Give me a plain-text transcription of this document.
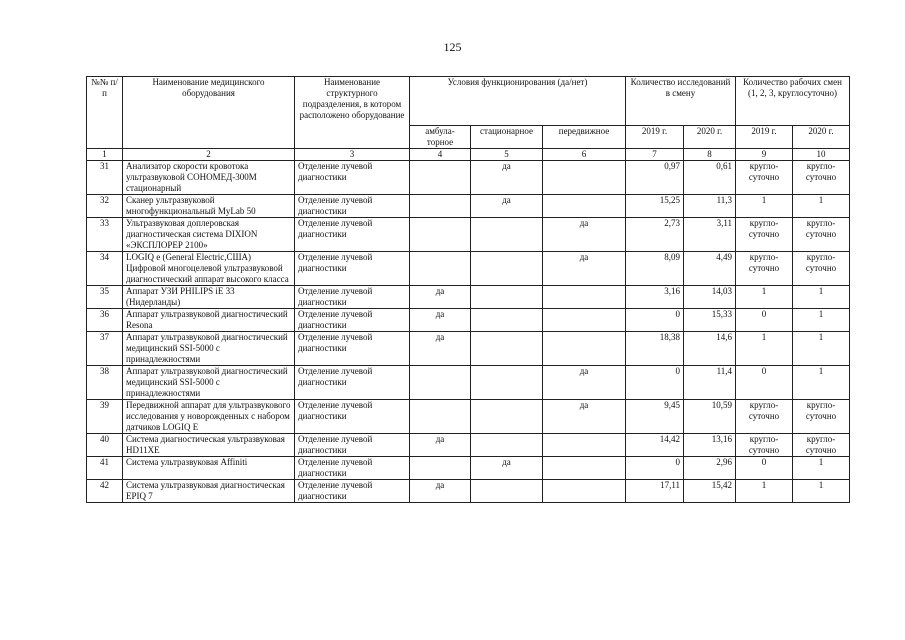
125
№№ п/п	Наименование медицинского оборудования	Наименование структурного подразделения, в котором расположено оборудование	Условия функционирования (да/нет)			Количество исследований в смену		Количество рабочих смен (1, 2, 3, круглосуточно)	
			амбула-торное	стационарное	передвижное	2019 г.	2020 г.	2019 г.	2020 г.
1	2	3	4	5	6	7	8	9	10
31	Анализатор скорости кровотока ультразвуковой СОНОМЕД-300М стационарный	Отделение лучевой диагностики		да		0,97	0,61	кругло-суточно	кругло-суточно
32	Сканер ультразвуковой многофункциональный MyLab 50	Отделение лучевой диагностики		да		15,25	11,3	1	1
33	Ультразвуковая доплеровская диагностическая система DIXION «ЭКСПЛОРЕР 2100»	Отделение лучевой диагностики			да	2,73	3,11	кругло-суточно	кругло-суточно
34	LOGIQ e (General Electric,США) Цифровой многоцелевой ультразвуковой диагностический аппарат высокого класса	Отделение лучевой диагностики			да	8,09	4,49	кругло-суточно	кругло-суточно
35	Аппарат УЗИ PHILIPS iE 33 (Нидерланды)	Отделение лучевой диагностики	да			3,16	14,03	1	1
36	Аппарат ультразвуковой диагностический Resona	Отделение лучевой диагностики	да			0	15,33	0	1
37	Аппарат ультразвуковой диагностический медицинский SSI-5000 с принадлежностями	Отделение лучевой диагностики	да			18,38	14,6	1	1
38	Аппарат ультразвуковой диагностический медицинский SSI-5000 с принадлежностями	Отделение лучевой диагностики			да	0	11,4	0	1
39	Передвижной аппарат для ультразвукового исследования у новорожденных с набором датчиков LOGIQ E	Отделение лучевой диагностики			да	9,45	10,59	кругло-суточно	кругло-суточно
40	Система диагностическая ультразвуковая HD11XE	Отделение лучевой диагностики	да			14,42	13,16	кругло-суточно	кругло-суточно
41	Система ультразвуковая Affiniti	Отделение лучевой диагностики		да		0	2,96	0	1
42	Система ультразвуковая диагностическая EPIQ 7	Отделение лучевой диагностики	да			17,11	15,42	1	1
